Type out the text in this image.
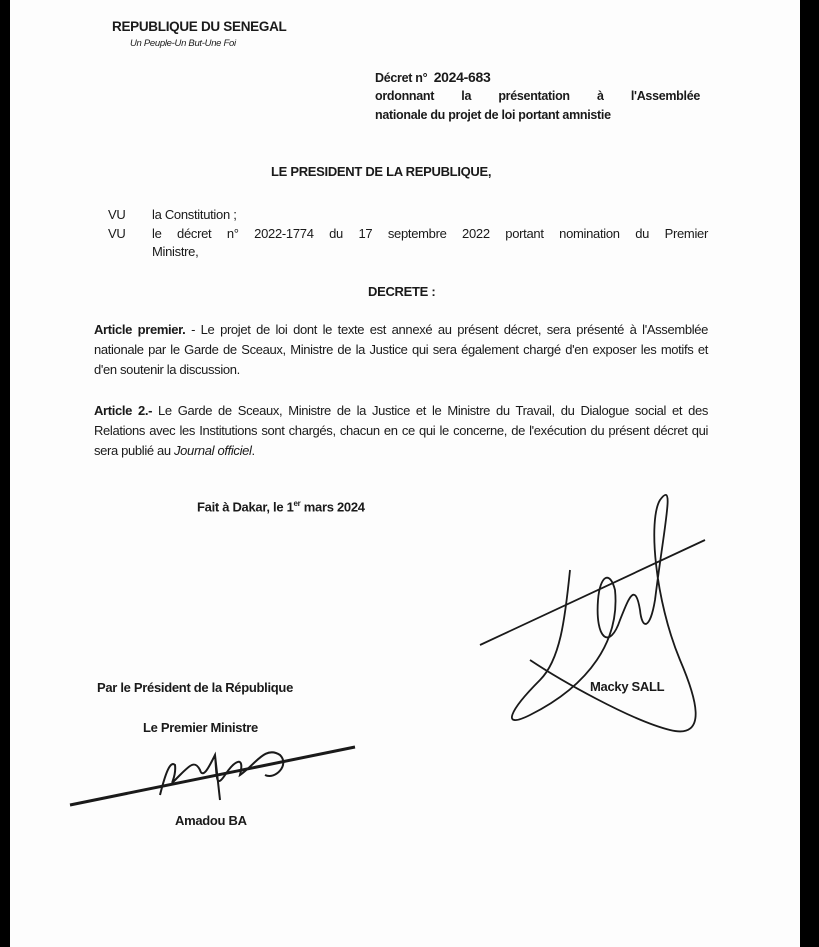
REPUBLIQUE DU SENEGAL
Un Peuple-Un But-Une Foi
Décret n° 2024-683
ordonnant la présentation à l'Assemblée
nationale du projet de loi portant amnistie
LE PRESIDENT DE LA REPUBLIQUE,
VU la Constitution ;
VU le décret n° 2022-1774 du 17 septembre 2022 portant nomination du Premier
Ministre,
DECRETE :
Article premier. - Le projet de loi dont le texte est annexé au présent décret, sera présenté à l'Assemblée nationale par le Garde de Sceaux, Ministre de la Justice qui sera également chargé d'en exposer les motifs et d'en soutenir la discussion.
Article 2.- Le Garde de Sceaux, Ministre de la Justice et le Ministre du Travail, du Dialogue social et des Relations avec les Institutions sont chargés, chacun en ce qui le concerne, de l'exécution du présent décret qui sera publié au Journal officiel.
Fait à Dakar, le 1er mars 2024
Par le Président de la République	Macky SALL
Le Premier Ministre
Amadou BA
